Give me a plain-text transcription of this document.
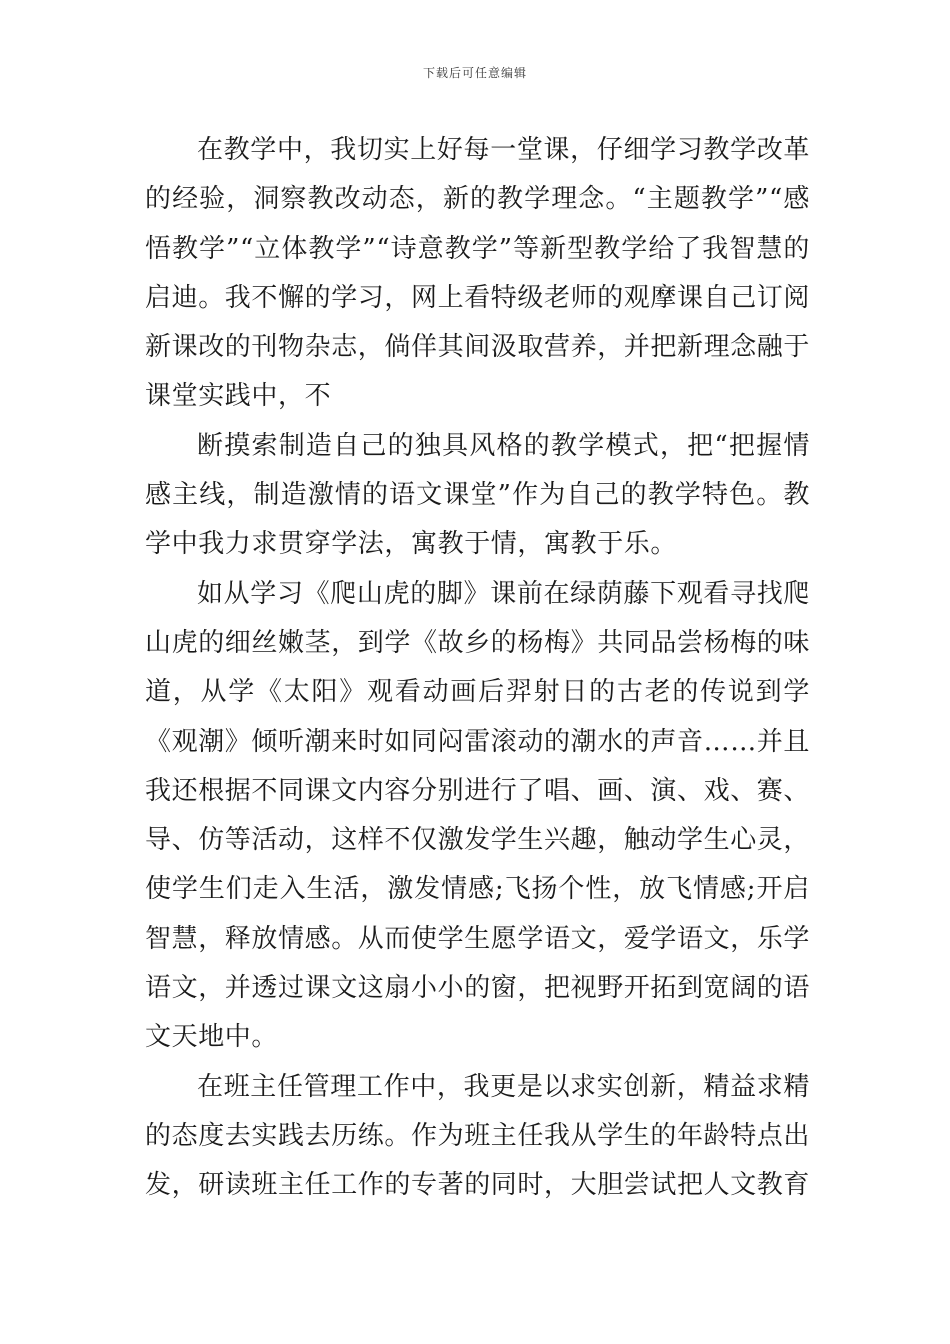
下载后可任意编辑

在教学中，我切实上好每一堂课，仔细学习教学改革的经验，洞察教改动态，新的教学理念。“主题教学”“感悟教学”“立体教学”“诗意教学”等新型教学给了我智慧的启迪。我不懈的学习，网上看特级老师的观摩课自己订阅新课改的刊物杂志，倘佯其间汲取营养，并把新理念融于课堂实践中，不

断摸索制造自己的独具风格的教学模式，把“把握情感主线，制造激情的语文课堂”作为自己的教学特色。教学中我力求贯穿学法，寓教于情，寓教于乐。

如从学习《爬山虎的脚》课前在绿荫藤下观看寻找爬山虎的细丝嫩茎，到学《故乡的杨梅》共同品尝杨梅的味道，从学《太阳》观看动画后羿射日的古老的传说到学《观潮》倾听潮来时如同闷雷滚动的潮水的声音……并且我还根据不同课文内容分别进行了唱、画、演、戏、赛、导、仿等活动，这样不仅激发学生兴趣，触动学生心灵，使学生们走入生活，激发情感;飞扬个性，放飞情感;开启智慧，释放情感。从而使学生愿学语文，爱学语文，乐学语文，并透过课文这扇小小的窗，把视野开拓到宽阔的语文天地中。

在班主任管理工作中，我更是以求实创新，精益求精的态度去实践去历练。作为班主任我从学生的年龄特点出发，研读班主任工作的专著的同时，大胆尝试把人文教育
